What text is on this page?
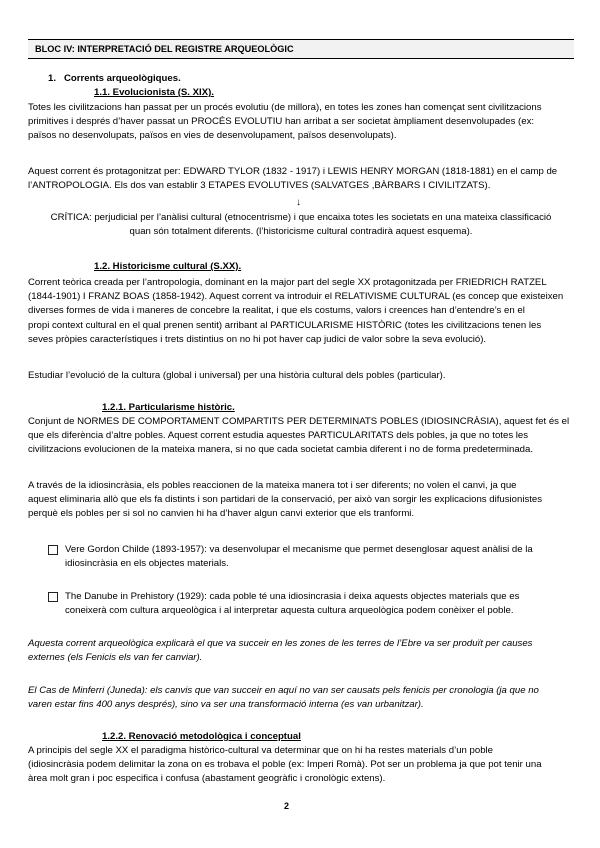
BLOC IV: INTERPRETACIÓ DEL REGISTRE ARQUEOLÒGIC
1. Corrents arqueològiques.
1.1. Evolucionista (S. XIX).
Totes les civilitzacions han passat per un procés evolutiu (de millora), en totes les zones han començat sent civilitzacions
primitives i després d’haver passat un PROCÉS EVOLUTIU han arribat a ser societat àmpliament desenvolupades (ex:
països no desenvolupats, països en vies de desenvolupament, països desenvolupats).
Aquest corrent és protagonitzat per: EDWARD TYLOR (1832 - 1917) i LEWIS HENRY MORGAN (1818-1881) en el camp de
l’ANTROPOLOGIA. Els dos van establir 3 ETAPES EVOLUTIVES (SALVATGES ,BÀRBARS I CIVILITZATS).
↓
CRÍTICA: perjudicial per l’anàlisi cultural (etnocentrisme) i que encaixa totes les societats en una mateixa classificació
quan són totalment diferents. (l’historicisme cultural contradirà aquest esquema).
1.2. Historicisme cultural (S.XX).
Corrent teòrica creada per l’antropologia, dominant en la major part del segle XX protagonitzada per FRIEDRICH RATZEL
(1844-1901) I FRANZ BOAS (1858-1942). Aquest corrent va introduir el RELATIVISME CULTURAL (es concep que existeixen
diverses formes de vida i maneres de concebre la realitat, i que els costums, valors i creences han d’entendre’s en el
propi context cultural en el qual prenen sentit) arribant al PARTICULARISME HISTÒRIC (totes les civilitzacions tenen les
seves pròpies característiques i trets distintius on no hi pot haver cap judici de valor sobre la seva evolució).
Estudiar l’evolució de la cultura (global i universal) per una història cultural dels pobles (particular).
1.2.1. Particularisme històric.
Conjunt de NORMES DE COMPORTAMENT COMPARTITS PER DETERMINATS POBLES (IDIOSINCRÀSIA), aquest fet és el
que els diferència d’altre pobles. Aquest corrent estudia aquestes PARTICULARITATS dels pobles, ja que no totes les
civilitzacions evolucionen de la mateixa manera, si no que cada societat cambia diferent i no de forma predeterminada.
A través de la idiosincràsia, els pobles reaccionen de la mateixa manera tot i ser diferents; no volen el canvi, ja que
aquest eliminaria allò que els fa distints i son partidari de la conservació, per això van sorgir les explicacions difusionistes
perquè els pobles per si sol no canvien hi ha d’haver algun canvi exterior que els tranformi.
Vere Gordon Childe (1893-1957): va desenvolupar el mecanisme que permet desenglosar aquest anàlisi de la
idiosincràsia en els objectes materials.
The Danube in Prehistory (1929): cada poble té una idiosincrasia i deixa aquests objectes materials que es
coneixerà com cultura arqueològica i al interpretar aquesta cultura arqueològica podem conèixer el poble.
Aquesta corrent arqueològica explicarà el que va succeir en les zones de les terres de l’Ebre va ser produït per causes
externes (els Fenicis els van fer canviar).
El Cas de Minferri (Juneda): els canvis que van succeir en aquí no van ser causats pels fenicis per cronologia (ja que no
varen estar fins 400 anys després), sino va ser una transformació interna (es van urbanitzar).
1.2.2. Renovació metodològica i conceptual
A principis del segle XX el paradigma històrico-cultural va determinar que on hi ha restes materials d’un poble
(idiosincràsia podem delimitar la zona on es trobava el poble (ex: Imperi Romà). Pot ser un problema ja que pot tenir una
àrea molt gran i poc especifica i confusa (abastament geogràfic i cronològic extens).
2
